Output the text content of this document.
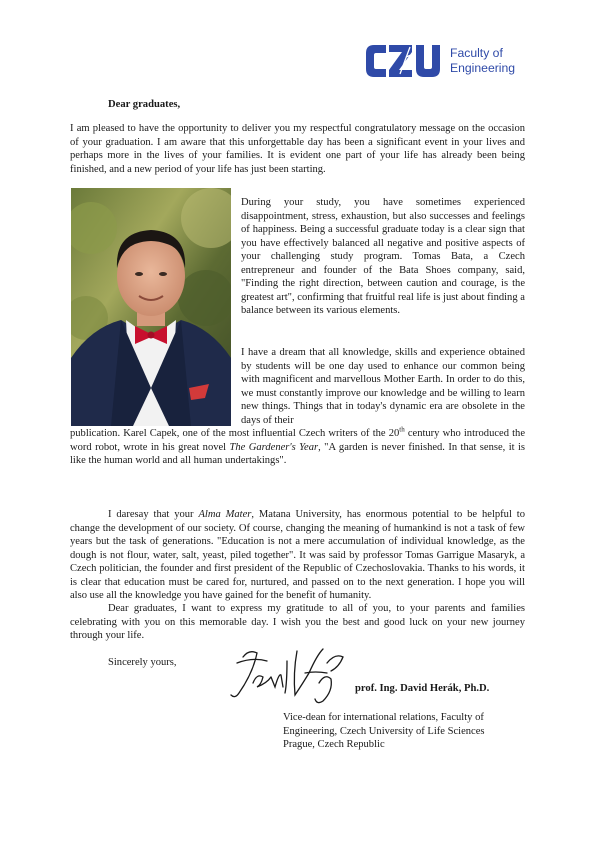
Faculty of
Engineering
Dear graduates,
I am pleased to have the opportunity to deliver you my respectful congratulatory message on the occasion of your graduation. I am aware that this unforgettable day has been a significant event in your lives and perhaps more in the lives of your families. It is evident one part of your life has already been being finished, and a new period of your life has just been starting.
During your study, you have sometimes experienced disappointment, stress, exhaustion, but also successes and feelings of happiness. Being a successful graduate today is a clear sign that you have effectively balanced all negative and positive aspects of your challenging study program. Tomas Bata, a Czech entrepreneur and founder of the Bata Shoes company, said, "Finding the right direction, between caution and courage, is the greatest art", confirming that fruitful real life is just about finding a balance between its various elements.
I have a dream that all knowledge, skills and experience obtained by students will be one day used to enhance our common being with magnificent and marvellous Mother Earth. In order to do this, we must constantly improve our knowledge and be willing to learn new things. Things that in today's dynamic era are obsolete in the days of their
publication. Karel Capek, one of the most influential Czech writers of the 20th century who introduced the word robot, wrote in his great novel The Gardener's Year, "A garden is never finished. In that sense, it is like the human world and all human undertakings".
I daresay that your Alma Mater, Matana University, has enormous potential to be helpful to change the development of our society. Of course, changing the meaning of humankind is not a task of few years but the task of generations. "Education is not a mere accumulation of individual knowledge, as the dough is not flour, water, salt, yeast, piled together". It was said by professor Tomas Garrigue Masaryk, a Czech politician, the founder and first president of the Republic of Czechoslovakia. Thanks to his words, it is clear that education must be cared for, nurtured, and passed on to the next generation. I hope you will also use all the knowledge you have gained for the benefit of humanity.
Dear graduates, I want to express my gratitude to all of you, to your parents and families celebrating with you on this memorable day. I wish you the best and good luck on your new journey through your life.
Sincerely yours,
prof. Ing. David Herák, Ph.D.
Vice-dean for international relations, Faculty of
Engineering, Czech University of Life Sciences
Prague, Czech Republic
